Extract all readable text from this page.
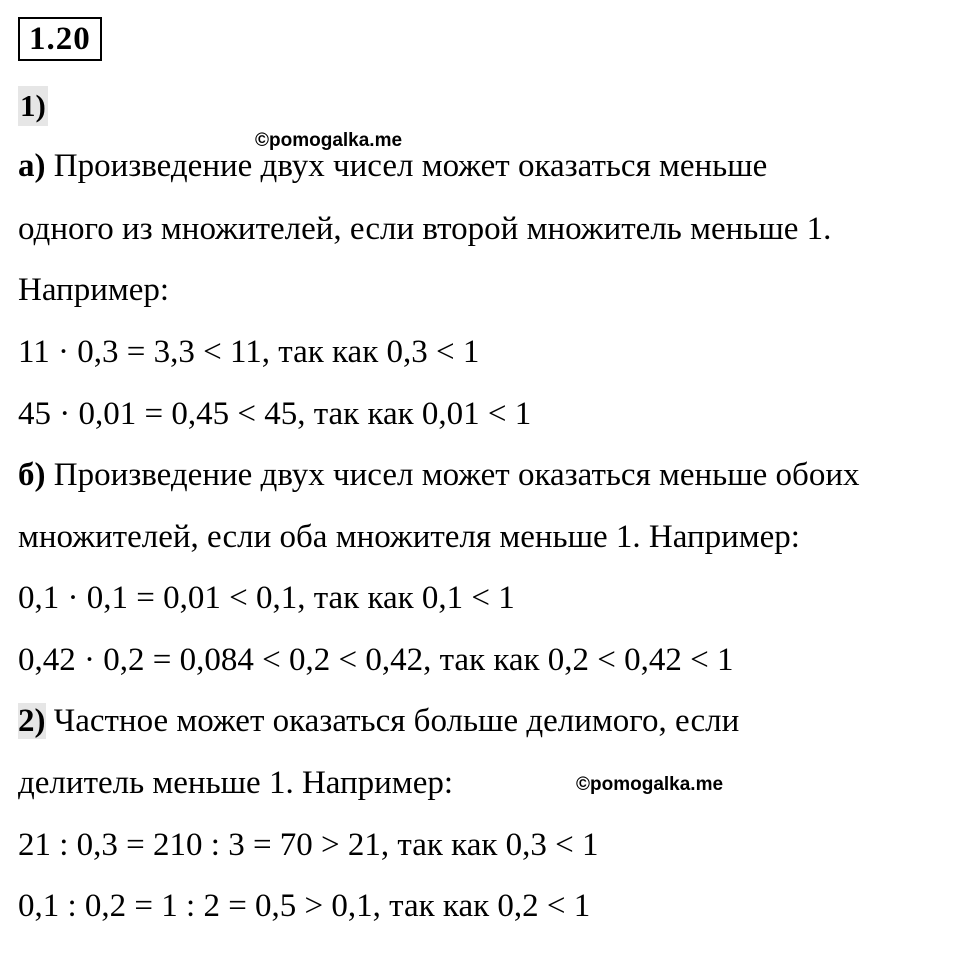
1.20
1)
©pomogalka.me
а) Произведение двух чисел может оказаться меньше
одного из множителей, если второй множитель меньше 1.
Например:
11 · 0,3 = 3,3 < 11, так как 0,3 < 1
45 · 0,01 = 0,45 < 45, так как 0,01 < 1
б) Произведение двух чисел может оказаться меньше обоих
множителей, если оба множителя меньше 1. Например:
0,1 · 0,1 = 0,01 < 0,1, так как 0,1 < 1
0,42 · 0,2 = 0,084 < 0,2 < 0,42, так как 0,2 < 0,42 < 1
2) Частное может оказаться больше делимого, если
делитель меньше 1. Например:	©pomogalka.me
21 : 0,3 = 210 : 3 = 70 > 21, так как 0,3 < 1
0,1 : 0,2 = 1 : 2 = 0,5 > 0,1, так как 0,2 < 1
